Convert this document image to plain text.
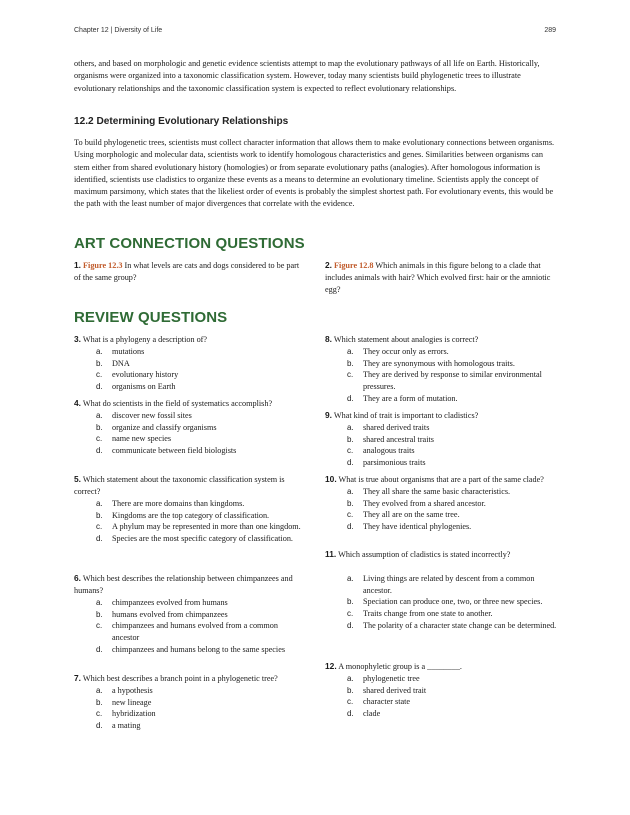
Chapter 12 | Diversity of Life	289

others, and based on morphologic and genetic evidence scientists attempt to map the evolutionary pathways of all life on Earth. Historically, organisms were organized into a taxonomic classification system. However, today many scientists build phylogenetic trees to illustrate evolutionary relationships and the taxonomic classification system is expected to reflect evolutionary relationships.

12.2 Determining Evolutionary Relationships

To build phylogenetic trees, scientists must collect character information that allows them to make evolutionary connections between organisms. Using morphologic and molecular data, scientists work to identify homologous characteristics and genes. Similarities between organisms can stem either from shared evolutionary history (homologies) or from separate evolutionary paths (analogies). After homologous information is identified, scientists use cladistics to organize these events as a means to determine an evolutionary timeline. Scientists apply the concept of maximum parsimony, which states that the likeliest order of events is probably the simplest shortest path. For evolutionary events, this would be the path with the least number of major divergences that correlate with the evidence.

ART CONNECTION QUESTIONS

1. Figure 12.3 In what levels are cats and dogs considered to be part of the same group?

2. Figure 12.8 Which animals in this figure belong to a clade that includes animals with hair? Which evolved first: hair or the amniotic egg?

REVIEW QUESTIONS

3. What is a phylogeny a description of?

a. mutations
b. DNA
c. evolutionary history
d. organisms on Earth

4. What do scientists in the field of systematics accomplish?

a. discover new fossil sites
b. organize and classify organisms
c. name new species
d. communicate between field biologists

5. Which statement about the taxonomic classification system is correct?

a. There are more domains than kingdoms.
b. Kingdoms are the top category of classification.
c. A phylum may be represented in more than one kingdom.
d. Species are the most specific category of classification.

6. Which best describes the relationship between chimpanzees and humans?

a. chimpanzees evolved from humans
b. humans evolved from chimpanzees
c. chimpanzees and humans evolved from a common ancestor
d. chimpanzees and humans belong to the same species

7. Which best describes a branch point in a phylogenetic tree?

a. a hypothesis
b. new lineage
c. hybridization
d. a mating

8. Which statement about analogies is correct?

a. They occur only as errors.
b. They are synonymous with homologous traits.
c. They are derived by response to similar environmental pressures.
d. They are a form of mutation.

9. What kind of trait is important to cladistics?

a. shared derived traits
b. shared ancestral traits
c. analogous traits
d. parsimonious traits

10. What is true about organisms that are a part of the same clade?

a. They all share the same basic characteristics.
b. They evolved from a shared ancestor.
c. They all are on the same tree.
d. They have identical phylogenies.

11. Which assumption of cladistics is stated incorrectly?

a. Living things are related by descent from a common ancestor.
b. Speciation can produce one, two, or three new species.
c. Traits change from one state to another.
d. The polarity of a character state change can be determined.

12. A monophyletic group is a ________.

a. phylogenetic tree
b. shared derived trait
c. character state
d. clade
